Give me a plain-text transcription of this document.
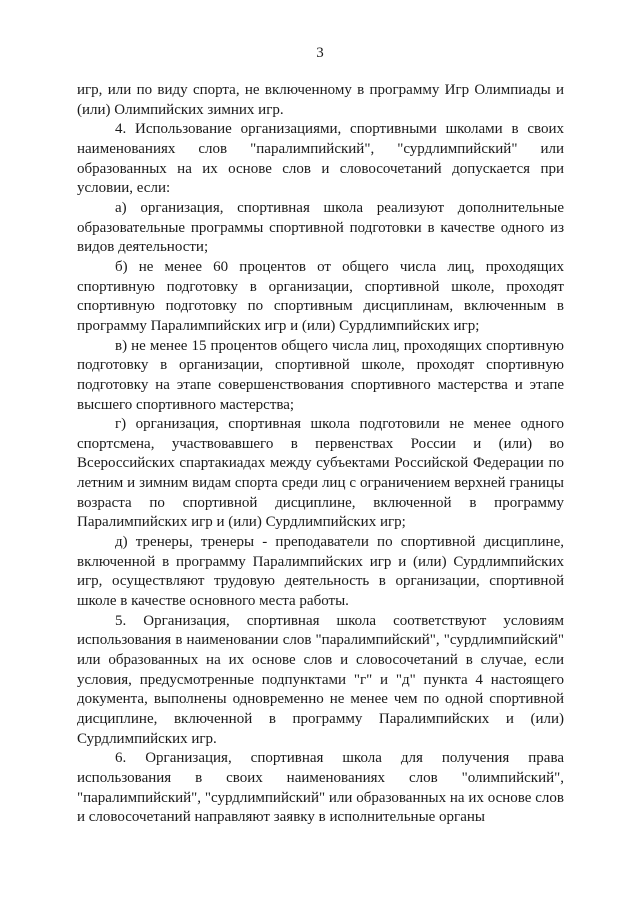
3

игр, или по виду спорта, не включенному в программу Игр Олимпиады и (или) Олимпийских зимних игр.

4. Использование организациями, спортивными школами в своих наименованиях слов "паралимпийский", "сурдлимпийский" или образованных на их основе слов и словосочетаний допускается при условии, если:

а) организация, спортивная школа реализуют дополнительные образовательные программы спортивной подготовки в качестве одного из видов деятельности;

б) не менее 60 процентов от общего числа лиц, проходящих спортивную подготовку в организации, спортивной школе, проходят спортивную подготовку по спортивным дисциплинам, включенным в программу Паралимпийских игр и (или) Сурдлимпийских игр;

в) не менее 15 процентов общего числа лиц, проходящих спортивную подготовку в организации, спортивной школе, проходят спортивную подготовку на этапе совершенствования спортивного мастерства и этапе высшего спортивного мастерства;

г) организация, спортивная школа подготовили не менее одного спортсмена, участвовавшего в первенствах России и (или) во Всероссийских спартакиадах между субъектами Российской Федерации по летним и зимним видам спорта среди лиц с ограничением верхней границы возраста по спортивной дисциплине, включенной в программу Паралимпийских игр и (или) Сурдлимпийских игр;

д) тренеры, тренеры - преподаватели по спортивной дисциплине, включенной в программу Паралимпийских игр и (или) Сурдлимпийских игр, осуществляют трудовую деятельность в организации, спортивной школе в качестве основного места работы.

5. Организация, спортивная школа соответствуют условиям использования в наименовании слов "паралимпийский", "сурдлимпийский" или образованных на их основе слов и словосочетаний в случае, если условия, предусмотренные подпунктами "г" и "д" пункта 4 настоящего документа, выполнены одновременно не менее чем по одной спортивной дисциплине, включенной в программу Паралимпийских и (или) Сурдлимпийских игр.

6. Организация, спортивная школа для получения права использования в своих наименованиях слов "олимпийский", "паралимпийский", "сурдлимпийский" или образованных на их основе слов и словосочетаний направляют заявку в исполнительные органы
